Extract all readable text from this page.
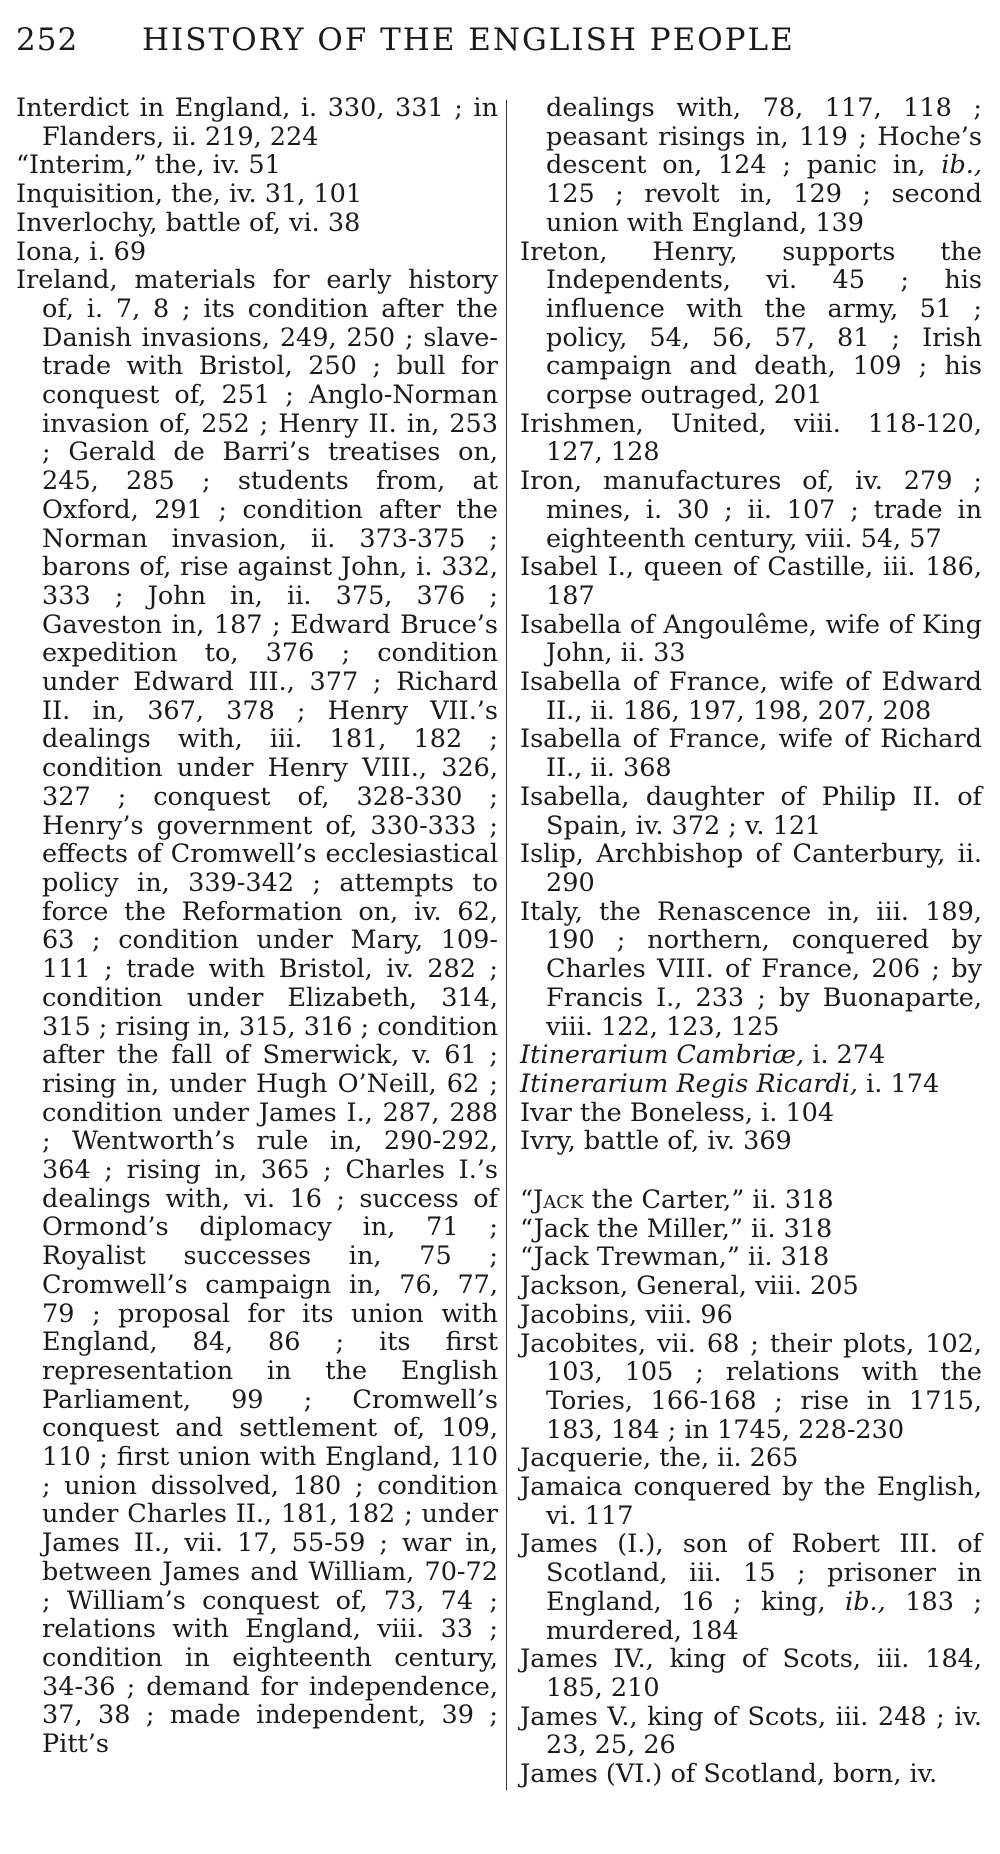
252 HISTORY OF THE ENGLISH PEOPLE

Interdict in England, i. 330, 331 ; in Flanders, ii. 219, 224

“Interim,” the, iv. 51

Inquisition, the, iv. 31, 101

Inverlochy, battle of, vi. 38

Iona, i. 69

Ireland, materials for early history of, i. 7, 8 ; its condition after the Danish invasions, 249, 250 ; slave-trade with Bristol, 250 ; bull for conquest of, 251 ; Anglo-Norman invasion of, 252 ; Henry II. in, 253 ; Gerald de Barri’s treatises on, 245, 285 ; students from, at Oxford, 291 ; condition after the Norman invasion, ii. 373-375 ; barons of, rise against John, i. 332, 333 ; John in, ii. 375, 376 ; Gaveston in, 187 ; Edward Bruce’s expedition to, 376 ; condition under Edward III., 377 ; Richard II. in, 367, 378 ; Henry VII.’s dealings with, iii. 181, 182 ; condition under Henry VIII., 326, 327 ; conquest of, 328-330 ; Henry’s government of, 330-333 ; effects of Cromwell’s ecclesiastical policy in, 339-342 ; attempts to force the Reformation on, iv. 62, 63 ; condition under Mary, 109-111 ; trade with Bristol, iv. 282 ; condition under Elizabeth, 314, 315 ; rising in, 315, 316 ; condition after the fall of Smerwick, v. 61 ; rising in, under Hugh O’Neill, 62 ; condition under James I., 287, 288 ; Wentworth’s rule in, 290-292, 364 ; rising in, 365 ; Charles I.’s dealings with, vi. 16 ; success of Ormond’s diplomacy in, 71 ; Royalist successes in, 75 ; Cromwell’s campaign in, 76, 77, 79 ; proposal for its union with England, 84, 86 ; its first representation in the English Parliament, 99 ; Cromwell’s conquest and settlement of, 109, 110 ; first union with England, 110 ; union dissolved, 180 ; condition under Charles II., 181, 182 ; under James II., vii. 17, 55-59 ; war in, between James and William, 70-72 ; William’s conquest of, 73, 74 ; relations with England, viii. 33 ; condition in eighteenth century, 34-36 ; demand for independence, 37, 38 ; made independent, 39 ; Pitt’s

dealings with, 78, 117, 118 ; peasant risings in, 119 ; Hoche’s descent on, 124 ; panic in, ib., 125 ; revolt in, 129 ; second union with England, 139

Ireton, Henry, supports the Independents, vi. 45 ; his influence with the army, 51 ; policy, 54, 56, 57, 81 ; Irish campaign and death, 109 ; his corpse outraged, 201

Irishmen, United, viii. 118-120, 127, 128

Iron, manufactures of, iv. 279 ; mines, i. 30 ; ii. 107 ; trade in eighteenth century, viii. 54, 57

Isabel I., queen of Castille, iii. 186, 187

Isabella of Angoulême, wife of King John, ii. 33

Isabella of France, wife of Edward II., ii. 186, 197, 198, 207, 208

Isabella of France, wife of Richard II., ii. 368

Isabella, daughter of Philip II. of Spain, iv. 372 ; v. 121

Islip, Archbishop of Canterbury, ii. 290

Italy, the Renascence in, iii. 189, 190 ; northern, conquered by Charles VIII. of France, 206 ; by Francis I., 233 ; by Buonaparte, viii. 122, 123, 125

Itinerarium Cambriæ, i. 274

Itinerarium Regis Ricardi, i. 174

Ivar the Boneless, i. 104

Ivry, battle of, iv. 369

“Jack the Carter,” ii. 318

“Jack the Miller,” ii. 318

“Jack Trewman,” ii. 318

Jackson, General, viii. 205

Jacobins, viii. 96

Jacobites, vii. 68 ; their plots, 102, 103, 105 ; relations with the Tories, 166-168 ; rise in 1715, 183, 184 ; in 1745, 228-230

Jacquerie, the, ii. 265

Jamaica conquered by the English, vi. 117

James (I.), son of Robert III. of Scotland, iii. 15 ; prisoner in England, 16 ; king, ib., 183 ; murdered, 184

James IV., king of Scots, iii. 184, 185, 210

James V., king of Scots, iii. 248 ; iv. 23, 25, 26

James (VI.) of Scotland, born, iv.
